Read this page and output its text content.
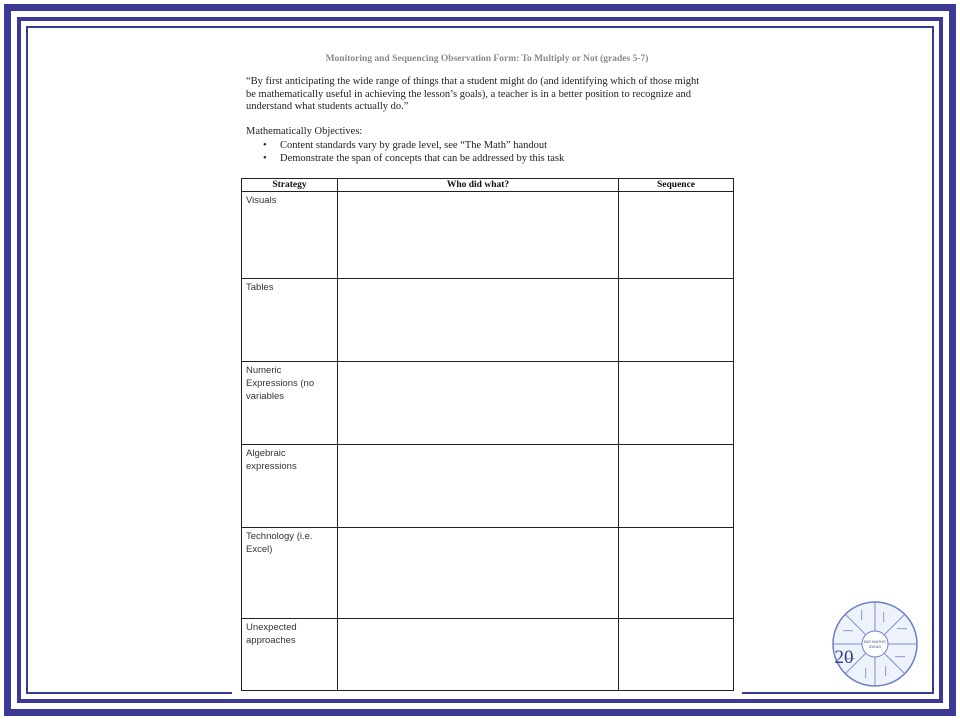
Monitoring and Sequencing Observation Form: To Multiply or Not (grades 5-7)
“By first anticipating the wide range of things that a student might do (and identifying which of those might
be mathematically useful in achieving the lesson’s goals), a teacher is in a better position to recognize and
understand what students actually do.”
Mathematically Objectives:
• Content standards vary by grade level, see “The Math” handout
• Demonstrate the span of concepts that can be addressed by this task
Strategy	Who did what?	Sequence

Visuals		

Tables		

Numeric
Expressions (no
variables		

Algebraic
expressions		

Technology (i.e.
Excel)		

Unexpected
approaches		
			BIG MATHS
IDEAS
20
